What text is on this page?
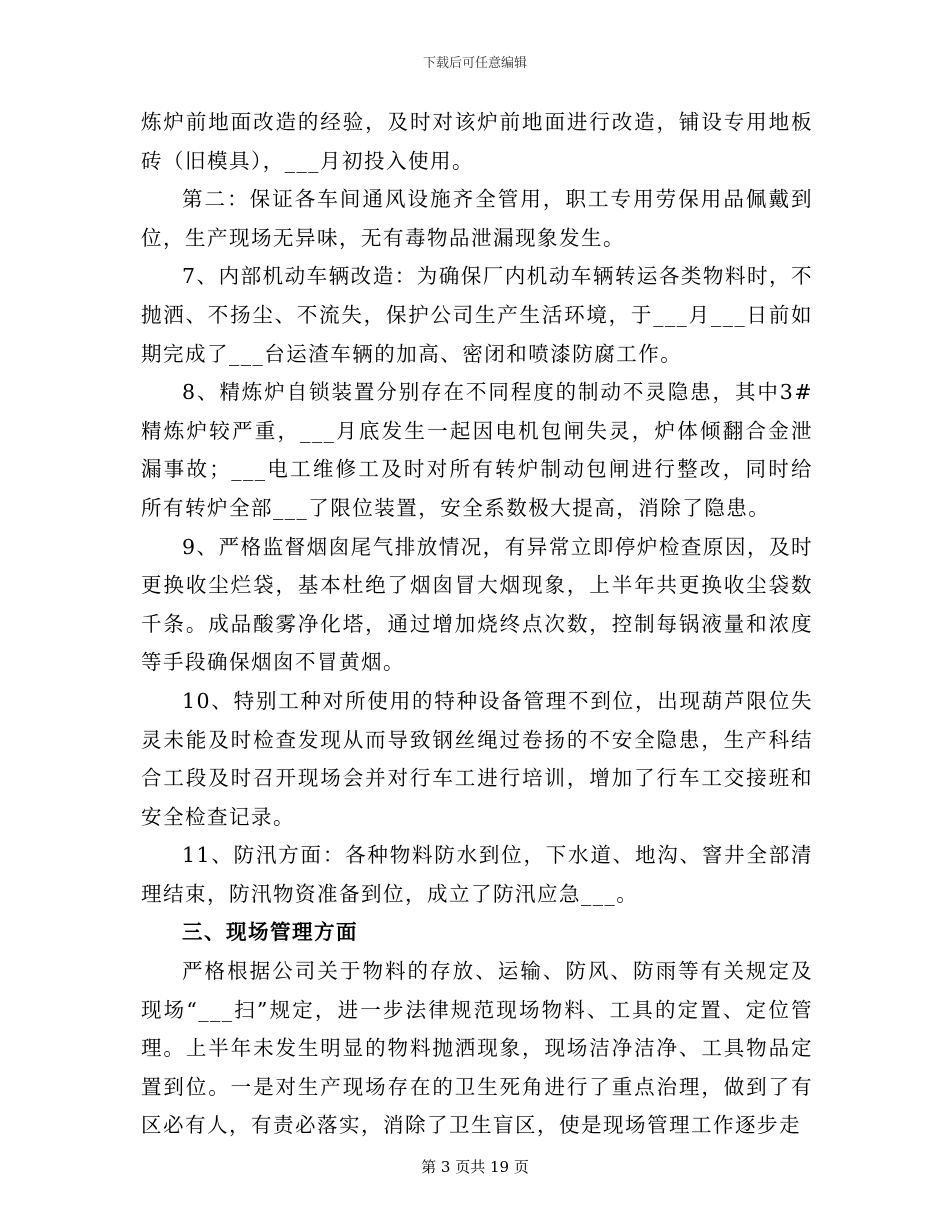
下载后可任意编辑

炼炉前地面改造的经验，及时对该炉前地面进行改造，铺设专用地板砖（旧模具），___月初投入使用。

第二：保证各车间通风设施齐全管用，职工专用劳保用品佩戴到位，生产现场无异味，无有毒物品泄漏现象发生。

7、内部机动车辆改造：为确保厂内机动车辆转运各类物料时，不抛洒、不扬尘、不流失，保护公司生产生活环境，于___月___日前如期完成了___台运渣车辆的加高、密闭和喷漆防腐工作。

8、精炼炉自锁装置分别存在不同程度的制动不灵隐患，其中3#精炼炉较严重，___月底发生一起因电机包闸失灵，炉体倾翻合金泄漏事故；___电工维修工及时对所有转炉制动包闸进行整改，同时给所有转炉全部___了限位装置，安全系数极大提高，消除了隐患。

9、严格监督烟囱尾气排放情况，有异常立即停炉检查原因，及时更换收尘烂袋，基本杜绝了烟囱冒大烟现象，上半年共更换收尘袋数千条。成品酸雾净化塔，通过增加烧终点次数，控制每锅液量和浓度等手段确保烟囱不冒黄烟。

10、特别工种对所使用的特种设备管理不到位，出现葫芦限位失灵未能及时检查发现从而导致钢丝绳过卷扬的不安全隐患，生产科结合工段及时召开现场会并对行车工进行培训，增加了行车工交接班和安全检查记录。

11、防汛方面：各种物料防水到位，下水道、地沟、窨井全部清理结束，防汛物资准备到位，成立了防汛应急___。

三、现场管理方面

严格根据公司关于物料的存放、运输、防风、防雨等有关规定及现场“___扫”规定，进一步法律规范现场物料、工具的定置、定位管理。上半年未发生明显的物料抛洒现象，现场洁净洁净、工具物品定置到位。一是对生产现场存在的卫生死角进行了重点治理，做到了有区必有人，有责必落实，消除了卫生盲区，使是现场管理工作逐步走

第 3 页共 19 页
